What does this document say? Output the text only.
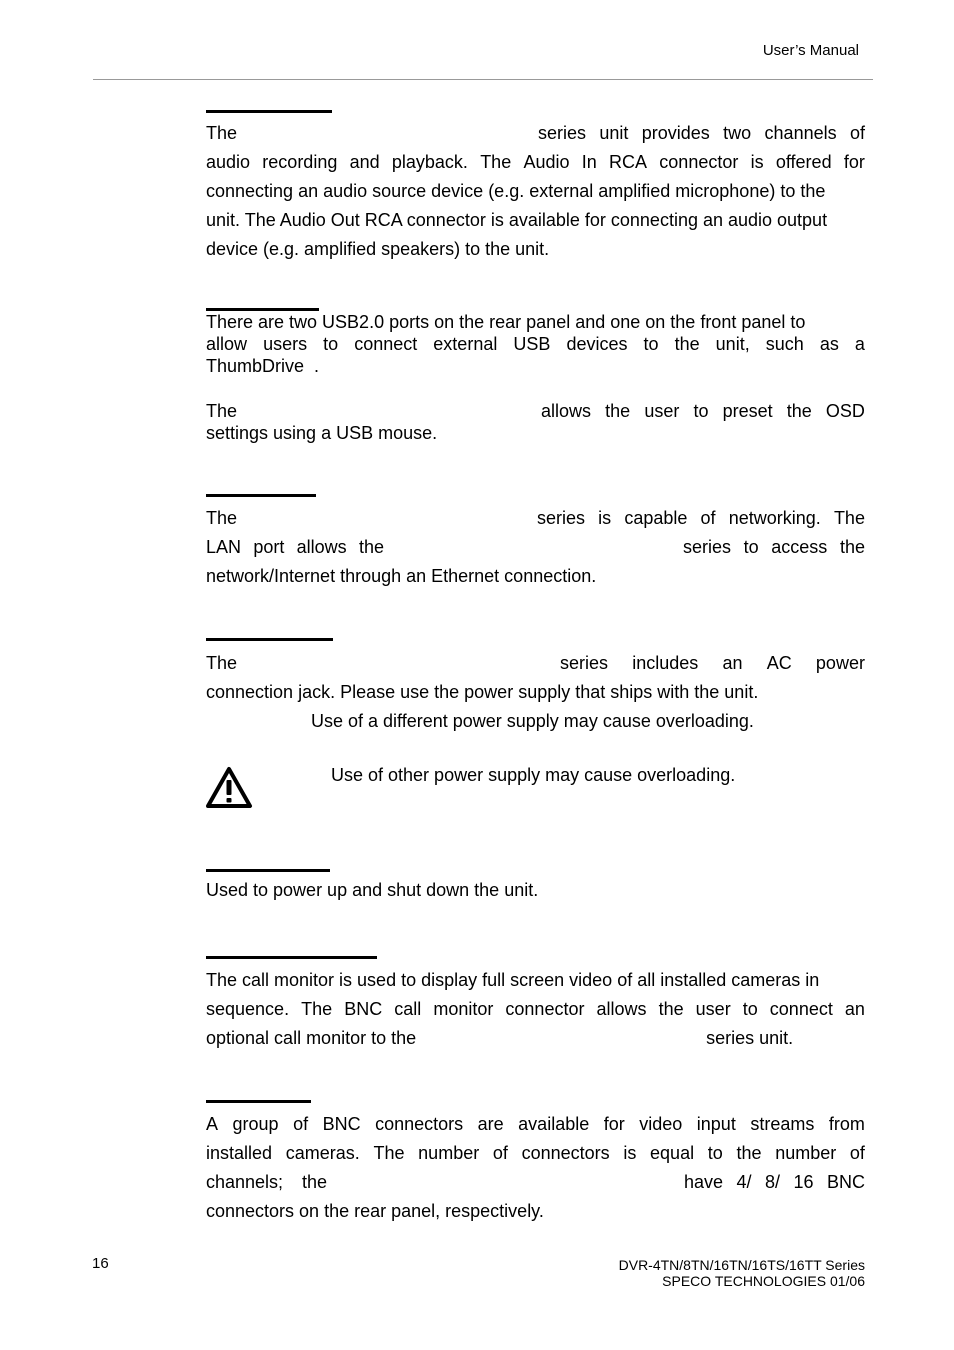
User’s Manual
The	series unit provides two channels of
audio recording and playback. The Audio In RCA connector is offered for
connecting an audio source device (e.g. external amplified microphone) to the
unit. The Audio Out RCA connector is available for connecting an audio output
device (e.g. amplified speakers) to the unit.
There are two USB2.0 ports on the rear panel and one on the front panel to
allow users to connect external USB devices to the unit, such as a
ThumbDrive  .
The	allows the user to preset the OSD
settings using a USB mouse.
The	series is capable of networking. The
LAN port allows the	series to access the
network/Internet through an Ethernet connection.
The	series includes an AC power
connection jack. Please use the power supply that ships with the unit.
Use of a different power supply may cause overloading.
Use of other power supply may cause overloading.
Used to power up and shut down the unit.
The call monitor is used to display full screen video of all installed cameras in
sequence. The BNC call monitor connector allows the user to connect an
optional call monitor to the	series unit.
A group of BNC connectors are available for video input streams from
installed cameras. The number of connectors is equal to the number of
channels; the	have 4/ 8/ 16 BNC
connectors on the rear panel, respectively.
16	DVR-4TN/8TN/16TN/16TS/16TT Series
SPECO TECHNOLOGIES 01/06
